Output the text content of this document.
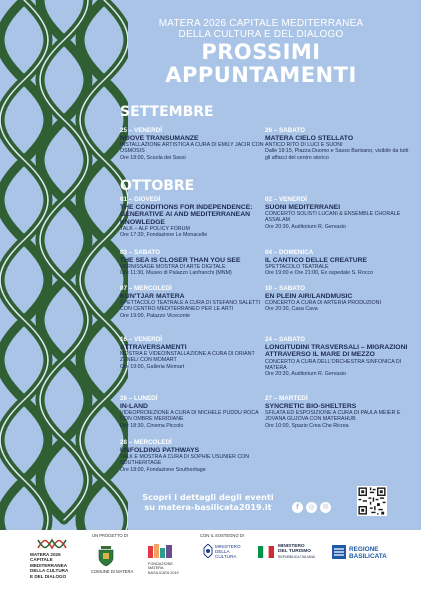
MATERA 2026 CAPITALE MEDITERRANEA
DELLA CULTURA E DEL DIALOGO
PROSSIMI
APPUNTAMENTI
SETTEMBRE
25 – VENERDÌ
NUOVE TRANSUMANZE
INSTALLAZIONE ARTISTICA A CURA DI EMILY JACIR CON OSMOSIS
Ore 18:00, Scuola dei Sassi
26 – SABATO
MATERA CIELO STELLATO
ANTICO RITO DI LUCI E SUONI
Dalle 19:15, Piazza Duomo e Sasso Barisano, visibile da tutti gli affacci del centro storico
OTTOBRE
01 – GIOVEDÌ
THE CONDITIONS FOR INDEPENDENCE: GENERATIVE AI AND MEDITERRANEAN KNOWLEDGE
TALK – ALF POLICY FORUM
Ore 17:30, Fondazione Le Monacelle
02 – VENERDÌ
SUONI MEDITERRANEI
CONCERTO SOLISTI LUCANI & ENSEMBLE CHORALE ASSALAM
Ore 20:30, Auditorium R. Gervasio
03 – SABATO
THE SEA IS CLOSER THAN YOU SEE
VERNISSAGE MOSTRA DI ARTE DIGITALE
Ore 11:30, Museo di Palazzo Lanfranchi (MNM)
04 – DOMENICA
IL CANTICO DELLE CREATURE
SPETTACOLO TEATRALE
Ore 19:00 e Ore 21:00, Ex ospedale S. Rocco
07 – MERCOLEDÌ
KUN'TJAR MATERA
SPETTACOLO TEATRALE A CURA DI STEFANO SALETTI CON CENTRO MEDITERRANEO PER LE ARTI
Ore 19:00, Palazzo Viceconte
10 – SABATO
EN PLEIN AIR/LANDMUSIC
CONCERTO A CURA DI ARTERIA PRODUZIONI
Ore 20:30, Casa Cava
16 – VENERDÌ
ATTRAVERSAMENTI
MOSTRA E VIDEOINSTALLAZIONE A CURA DI DRIANT ZENELI CON MOMART
Ore 19:00, Galleria Momart
24 – SABATO
LONGITUDINI TRASVERSALI – MIGRAZIONI ATTRAVERSO IL MARE DI MEZZO
CONCERTO A CURA DELL'ORCHESTRA SINFONICA DI MATERA
Ore 20:30, Auditorium R. Gervasio
26 – LUNEDÌ
IN-LAND
VIDEOPROIEZIONE A CURA DI MICHELE PUDDU ROCA CON OMBRE MERIDIANE
Ore 18:30, Cinema Piccolo
27 – MARTEDÌ
SYNCRETIC BIO-SHELTERS
SFILATA ED ESPOSIZIONE A CURA DI PAULA MEIER E JOVANA GUJOVA CON MATERAHUB
Ore 10:00, Spazio Crea Che Ricrea
28 – MERCOLEDÌ
UNFOLDING PATHWAYS
TALK E MOSTRA A CURA DI SOPHIE USUNIER CON SOUTHERITAGE
Ore 18:00, Fondazione Southeritage
Scopri i dettagli degli eventi
su matera-basilicata2019.it	f	◎	✉
MATERA 2026
CAPITALE
MEDITERRANEA
DELLA CULTURA
E DEL DIALOGO
UN PROGETTO DI
COMUNE DI MATERA
FONDAZIONE
MATERA
BASILICATA 2019
CON IL SOSTEGNO DI
MINISTERO
DELLA
CULTURA
MINISTERO
DEL TURISMO
REPUBBLICA ITALIANA
REGIONE
BASILICATA
